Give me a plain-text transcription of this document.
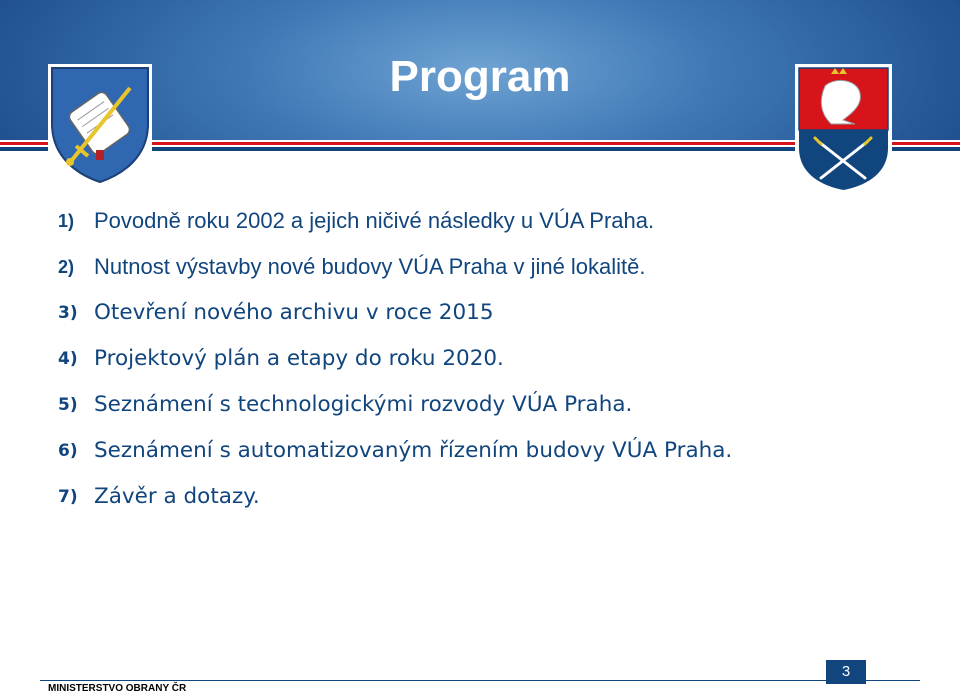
Program
1) Povodně roku 2002 a jejich ničivé následky u VÚA Praha.
2) Nutnost výstavby nové budovy VÚA Praha v jiné lokalitě.
3) Otevření nového archivu v roce 2015
4) Projektový plán a etapy do roku 2020.
5) Seznámení s technologickými rozvody VÚA Praha.
6) Seznámení s automatizovaným řízením budovy VÚA Praha.
7) Závěr a dotazy.
MINISTERSTVO OBRANY ČR
3
